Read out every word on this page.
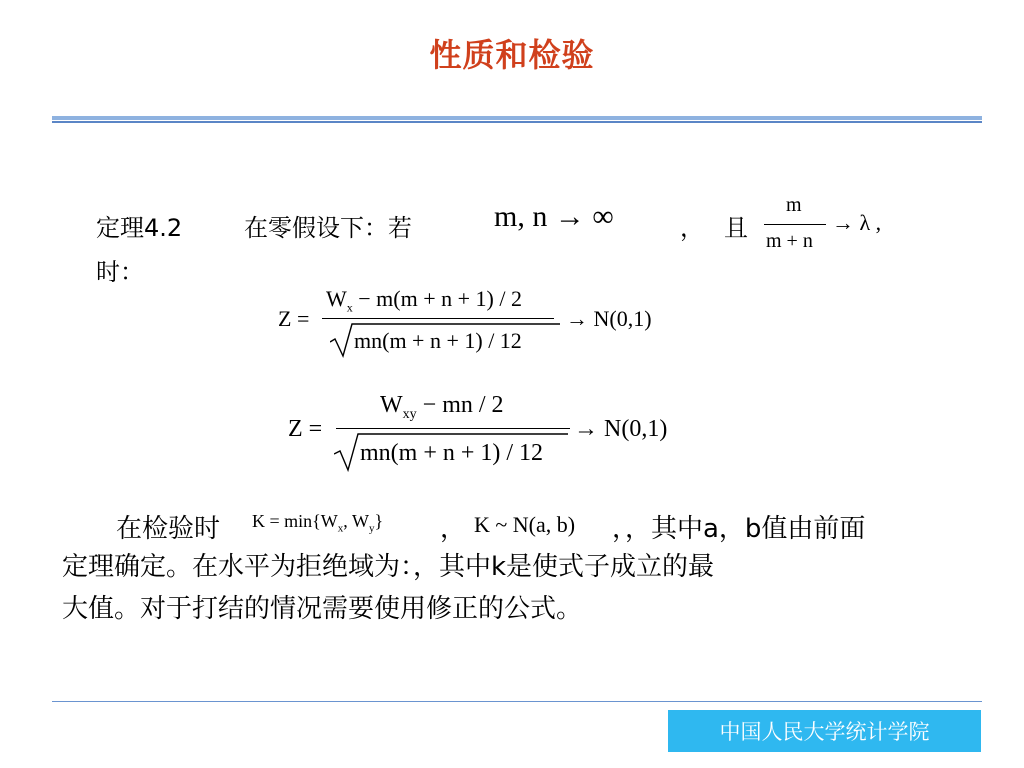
性质和检验
定理4.2	在零假设下：若	m, n → ∞	， 且
m
m + n
→ λ ,
时：
Z =
$W_x - m(m + n + 1) / 2$
mn(m + n + 1) / 12
→ N(0,1)
Z =
$W_{xy}$ − mn / 2
mn(m + n + 1) / 12
→ N(0,1)
在检验时 $K = \min\{W_x$, $W_y$} ， K ~ N(a, b) ，，其中a，b值由前面
定理确定。在水平为拒绝域为：，其中k是使式子成立的最
大值。对于打结的情况需要使用修正的公式。
中国人民大学统计学院
